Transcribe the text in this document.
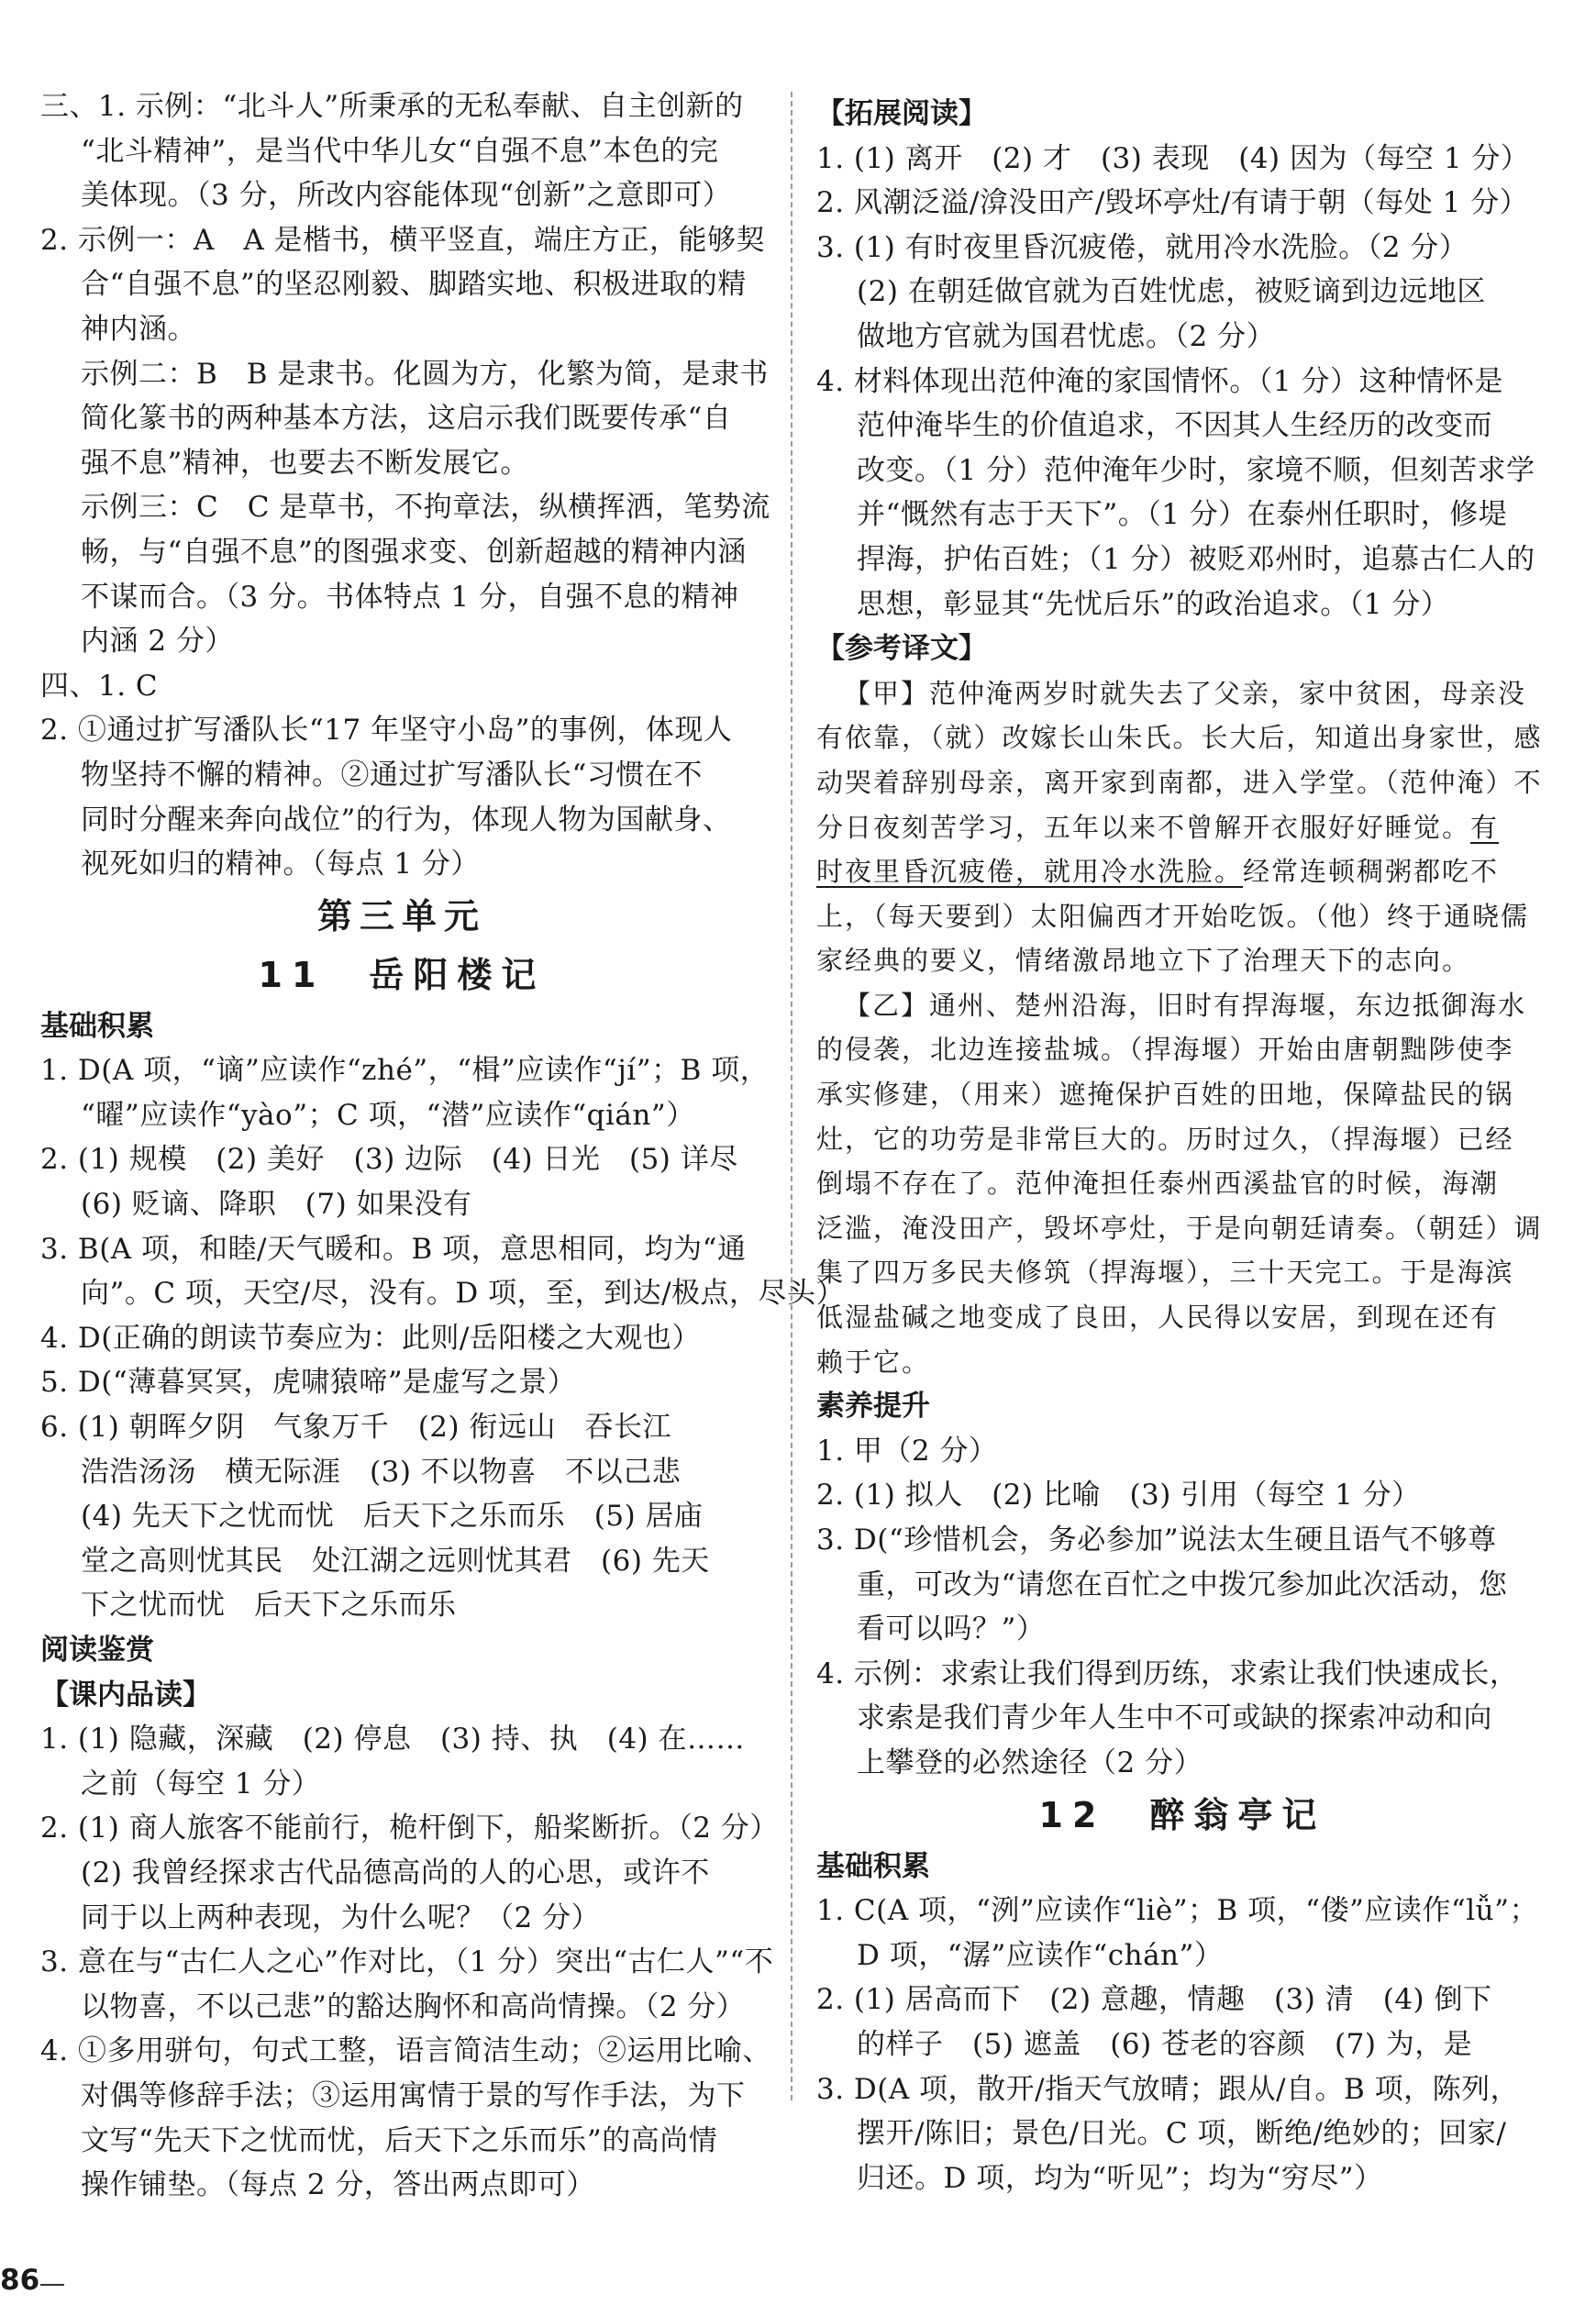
三、1. 示例：“北斗人”所秉承的无私奉献、自主创新的
“北斗精神”，是当代中华儿女“自强不息”本色的完
美体现。（3 分，所改内容能体现“创新”之意即可）
2. 示例一：A　A 是楷书，横平竖直，端庄方正，能够契
合“自强不息”的坚忍刚毅、脚踏实地、积极进取的精
神内涵。
示例二：B　B 是隶书。化圆为方，化繁为简，是隶书
简化篆书的两种基本方法，这启示我们既要传承“自
强不息”精神，也要去不断发展它。
示例三：C　C 是草书，不拘章法，纵横挥洒，笔势流
畅，与“自强不息”的图强求变、创新超越的精神内涵
不谋而合。（3 分。书体特点 1 分，自强不息的精神
内涵 2 分）
四、1. C
2. ①通过扩写潘队长“17 年坚守小岛”的事例，体现人
物坚持不懈的精神。②通过扩写潘队长“习惯在不
同时分醒来奔向战位”的行为，体现人物为国献身、
视死如归的精神。（每点 1 分）
第三单元
11　岳阳楼记
基础积累
1. D(A 项，“谪”应读作“zhé”，“楫”应读作“jí”；B 项，
“曜”应读作“yào”；C 项，“潜”应读作“qián”）
2. (1) 规模　(2) 美好　(3) 边际　(4) 日光　(5) 详尽
(6) 贬谪、降职　(7) 如果没有
3. B(A 项，和睦/天气暖和。B 项，意思相同，均为“通
向”。C 项，天空/尽，没有。D 项，至，到达/极点，尽头）
4. D(正确的朗读节奏应为：此则/岳阳楼之大观也）
5. D(“薄暮冥冥，虎啸猿啼”是虚写之景）
6. (1) 朝晖夕阴　气象万千　(2) 衔远山　吞长江
浩浩汤汤　横无际涯　(3) 不以物喜　不以己悲
(4) 先天下之忧而忧　后天下之乐而乐　(5) 居庙
堂之高则忧其民　处江湖之远则忧其君　(6) 先天
下之忧而忧　后天下之乐而乐
阅读鉴赏
【课内品读】
1. (1) 隐藏，深藏　(2) 停息　(3) 持、执　(4) 在……
之前（每空 1 分）
2. (1) 商人旅客不能前行，桅杆倒下，船桨断折。（2 分）
(2) 我曾经探求古代品德高尚的人的心思，或许不
同于以上两种表现，为什么呢？（2 分）
3. 意在与“古仁人之心”作对比，（1 分）突出“古仁人”“不
以物喜，不以己悲”的豁达胸怀和高尚情操。（2 分）
4. ①多用骈句，句式工整，语言简洁生动；②运用比喻、
对偶等修辞手法；③运用寓情于景的写作手法，为下
文写“先天下之忧而忧，后天下之乐而乐”的高尚情
操作铺垫。（每点 2 分，答出两点即可）
【拓展阅读】
1. (1) 离开　(2) 才　(3) 表现　(4) 因为（每空 1 分）
2. 风潮泛溢/渰没田产/毁坏亭灶/有请于朝（每处 1 分）
3. (1) 有时夜里昏沉疲倦，就用冷水洗脸。（2 分）
(2) 在朝廷做官就为百姓忧虑，被贬谪到边远地区
做地方官就为国君忧虑。（2 分）
4. 材料体现出范仲淹的家国情怀。（1 分）这种情怀是
范仲淹毕生的价值追求，不因其人生经历的改变而
改变。（1 分）范仲淹年少时，家境不顺，但刻苦求学
并“慨然有志于天下”。（1 分）在泰州任职时，修堤
捍海，护佑百姓；（1 分）被贬邓州时，追慕古仁人的
思想，彰显其“先忧后乐”的政治追求。（1 分）
【参考译文】
【甲】范仲淹两岁时就失去了父亲，家中贫困，母亲没
有依靠，（就）改嫁长山朱氏。长大后，知道出身家世，感
动哭着辞别母亲，离开家到南都，进入学堂。（范仲淹）不
分日夜刻苦学习，五年以来不曾解开衣服好好睡觉。有
时夜里昏沉疲倦，就用冷水洗脸。经常连顿稠粥都吃不
上，（每天要到）太阳偏西才开始吃饭。（他）终于通晓儒
家经典的要义，情绪激昂地立下了治理天下的志向。
【乙】通州、楚州沿海，旧时有捍海堰，东边抵御海水
的侵袭，北边连接盐城。（捍海堰）开始由唐朝黜陟使李
承实修建，（用来）遮掩保护百姓的田地，保障盐民的锅
灶，它的功劳是非常巨大的。历时过久，（捍海堰）已经
倒塌不存在了。范仲淹担任泰州西溪盐官的时候，海潮
泛滥，淹没田产，毁坏亭灶，于是向朝廷请奏。（朝廷）调
集了四万多民夫修筑（捍海堰），三十天完工。于是海滨
低湿盐碱之地变成了良田，人民得以安居，到现在还有
赖于它。
素养提升
1. 甲（2 分）
2. (1) 拟人　(2) 比喻　(3) 引用（每空 1 分）
3. D(“珍惜机会，务必参加”说法太生硬且语气不够尊
重，可改为“请您在百忙之中拨冗参加此次活动，您
看可以吗？”）
4. 示例：求索让我们得到历练，求索让我们快速成长，
求索是我们青少年人生中不可或缺的探索冲动和向
上攀登的必然途径（2 分）
12　醉翁亭记
基础积累
1. C(A 项，“洌”应读作“liè”；B 项，“偻”应读作“lǚ”；
D 项，“潺”应读作“chán”）
2. (1) 居高而下　(2) 意趣，情趣　(3) 清　(4) 倒下
的样子　(5) 遮盖　(6) 苍老的容颜　(7) 为，是
3. D(A 项，散开/指天气放晴；跟从/自。B 项，陈列，
摆开/陈旧；景色/日光。C 项，断绝/绝妙的；回家/
归还。D 项，均为“听见”；均为“穷尽”）
86
